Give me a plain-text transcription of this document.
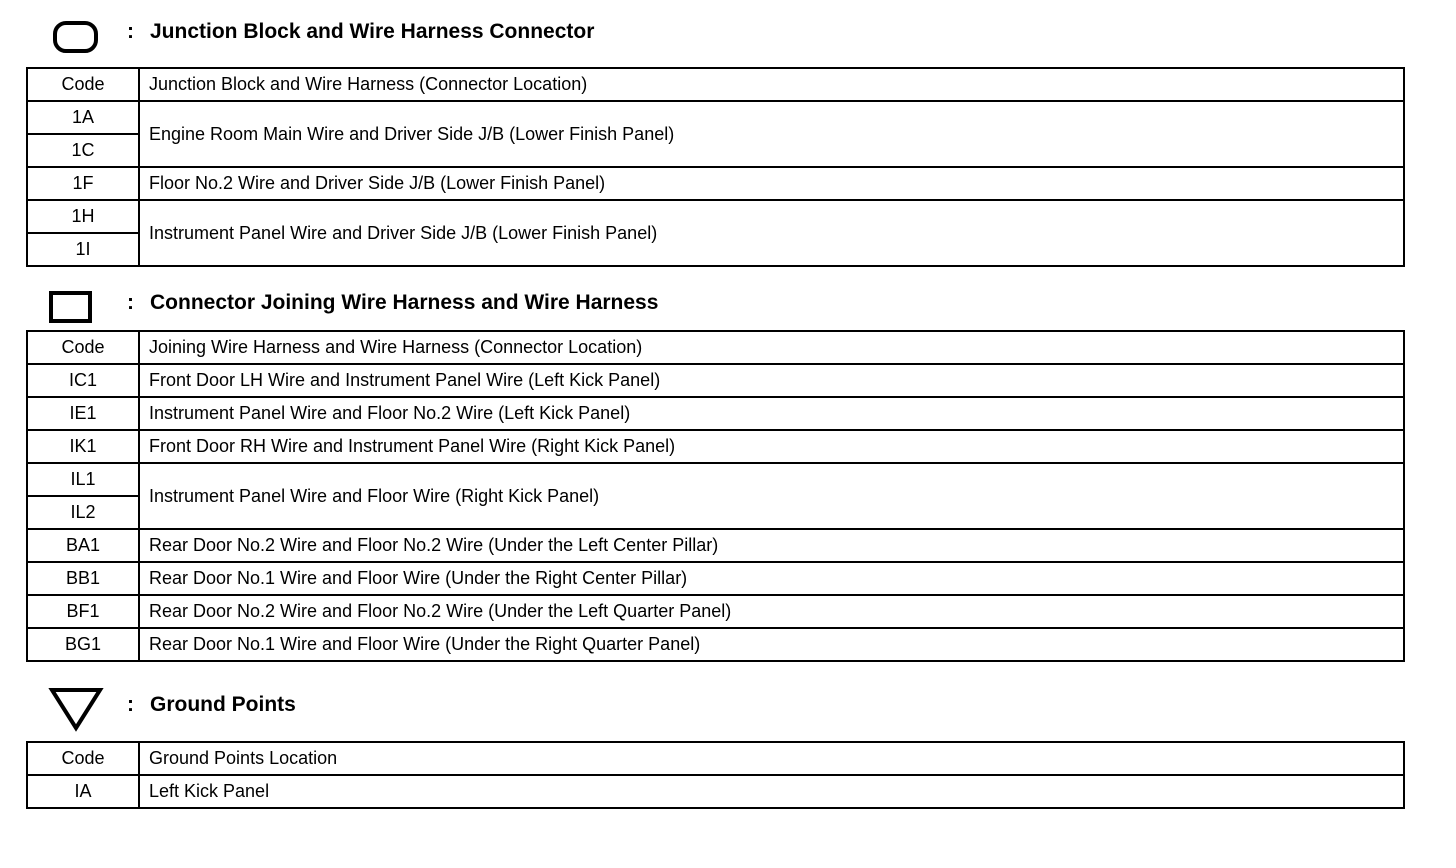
: Junction Block and Wire Harness Connector
Code	Junction Block and Wire Harness (Connector Location)
1A	Engine Room Main Wire and Driver Side J/B (Lower Finish Panel)
1C	
1F	Floor No.2 Wire and Driver Side J/B (Lower Finish Panel)
1H	Instrument Panel Wire and Driver Side J/B (Lower Finish Panel)
1I	
: Connector Joining Wire Harness and Wire Harness
Code	Joining Wire Harness and Wire Harness (Connector Location)
IC1	Front Door LH Wire and Instrument Panel Wire (Left Kick Panel)
IE1	Instrument Panel Wire and Floor No.2 Wire (Left Kick Panel)
IK1	Front Door RH Wire and Instrument Panel Wire (Right Kick Panel)
IL1	Instrument Panel Wire and Floor Wire (Right Kick Panel)
IL2	
BA1	Rear Door No.2 Wire and Floor No.2 Wire (Under the Left Center Pillar)
BB1	Rear Door No.1 Wire and Floor Wire (Under the Right Center Pillar)
BF1	Rear Door No.2 Wire and Floor No.2 Wire (Under the Left Quarter Panel)
BG1	Rear Door No.1 Wire and Floor Wire (Under the Right Quarter Panel)
: Ground Points
Code	Ground Points Location
IA	Left Kick Panel
